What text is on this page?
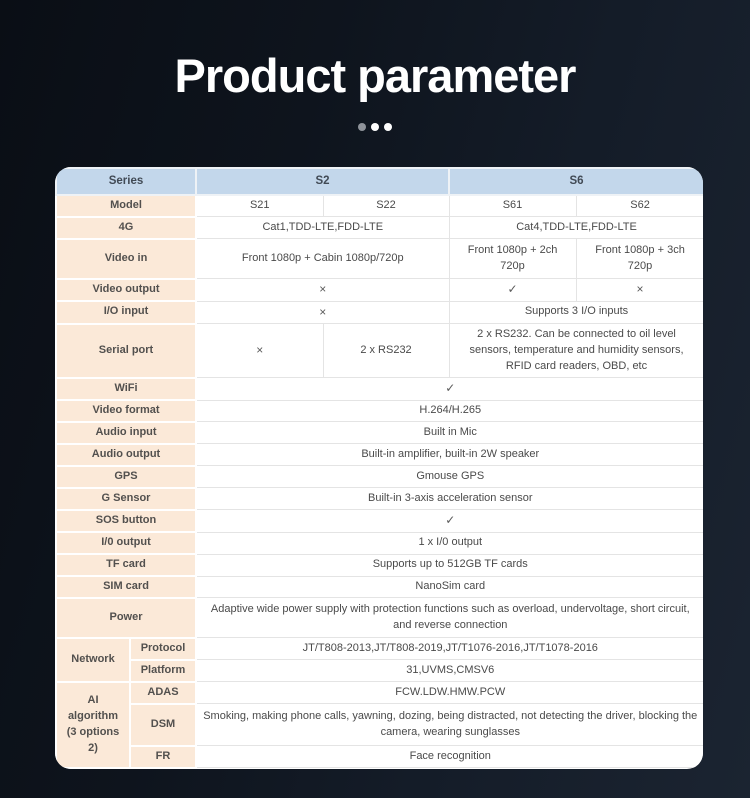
Product parameter
Series		S2		S6	
Model		S21	S22	S61	S62
4G		Cat1,TDD-LTE,FDD-LTE		Cat4,TDD-LTE,FDD-LTE	
Video in		Front 1080p + Cabin 1080p/720p		Front 1080p + 2ch 720p	Front 1080p + 3ch 720p
Video output		×		✓	×
I/O input		×		Supports 3 I/O inputs	
Serial port		×	2 x RS232	2 x RS232. Can be connected to oil level sensors, temperature and humidity sensors, RFID card readers, OBD, etc	
WiFi		✓			
Video format		H.264/H.265			
Audio input		Built in Mic			
Audio output		Built-in amplifier, built-in 2W speaker			
GPS		Gmouse GPS			
G Sensor		Built-in 3-axis acceleration sensor			
SOS button		✓			
I/0 output		1 x I/0 output			
TF card		Supports up to 512GB TF cards			
SIM card		NanoSim card			
Power		Adaptive wide power supply with protection functions such as overload, undervoltage, short circuit, and reverse connection			
Network	Protocol	JT/T808-2013,JT/T808-2019,JT/T1076-2016,JT/T1078-2016			
	Platform	31,UVMS,CMSV6			
AI algorithm (3 options 2)	ADAS	FCW.LDW.HMW.PCW			
	DSM	Smoking, making phone calls, yawning, dozing, being distracted, not detecting the driver, blocking the camera, wearing sunglasses			
	FR	Face recognition			
